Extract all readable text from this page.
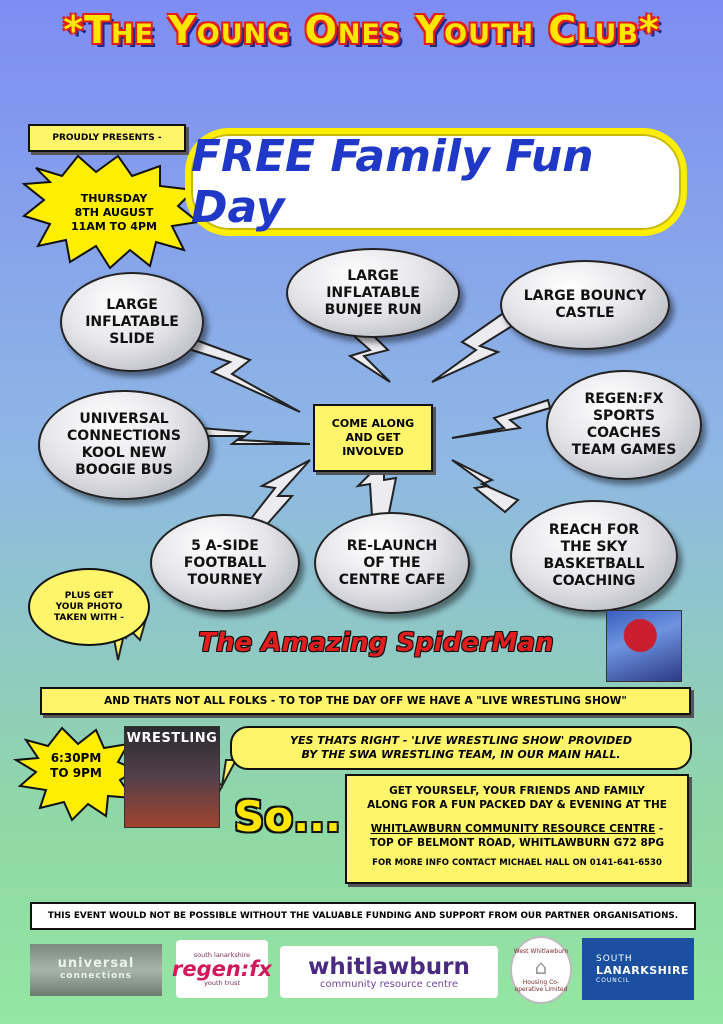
*The Young Ones Youth Club*
PROUDLY PRESENTS - FREE Family Fun Day
THURSDAY
8TH AUGUST
11AM TO 4PM
LARGE
INFLATABLE
SLIDE
LARGE
INFLATABLE
BUNJEE RUN
LARGE BOUNCY
CASTLE
UNIVERSAL
CONNECTIONS
KOOL NEW
BOOGIE BUS
REGEN:FX
SPORTS
COACHES
TEAM GAMES
5 A-SIDE
FOOTBALL
TOURNEY
RE-LAUNCH
OF THE
CENTRE CAFE
REACH FOR
THE SKY
BASKETBALL
COACHING
COME ALONG
AND GET
INVOLVED
PLUS GET
YOUR PHOTO
TAKEN WITH -
The Amazing SpiderMan
AND THATS NOT ALL FOLKS - TO TOP THE DAY OFF WE HAVE A "LIVE WRESTLING SHOW"
6:30PM
TO 9PM
WRESTLING	YES THATS RIGHT - 'LIVE WRESTLING SHOW' PROVIDED
BY THE SWA WRESTLING TEAM, IN OUR MAIN HALL.
So...
GET YOURSELF, YOUR FRIENDS AND FAMILY
ALONG FOR A FUN PACKED DAY & EVENING AT THE
WHITLAWBURN COMMUNITY RESOURCE CENTRE -
TOP OF BELMONT ROAD, WHITLAWBURN G72 8PG
FOR MORE INFO CONTACT MICHAEL HALL ON 0141-641-6530
THIS EVENT WOULD NOT BE POSSIBLE WITHOUT THE VALUABLE FUNDING AND SUPPORT FROM OUR PARTNER ORGANISATIONS.
universal
connections
south lanarkshire
regen:fx
youth trust
whitlawburn
community resource centre
West Whitlawburn
⌂
Housing Co-operative Limited
SOUTH
LANARKSHIRE
COUNCIL
